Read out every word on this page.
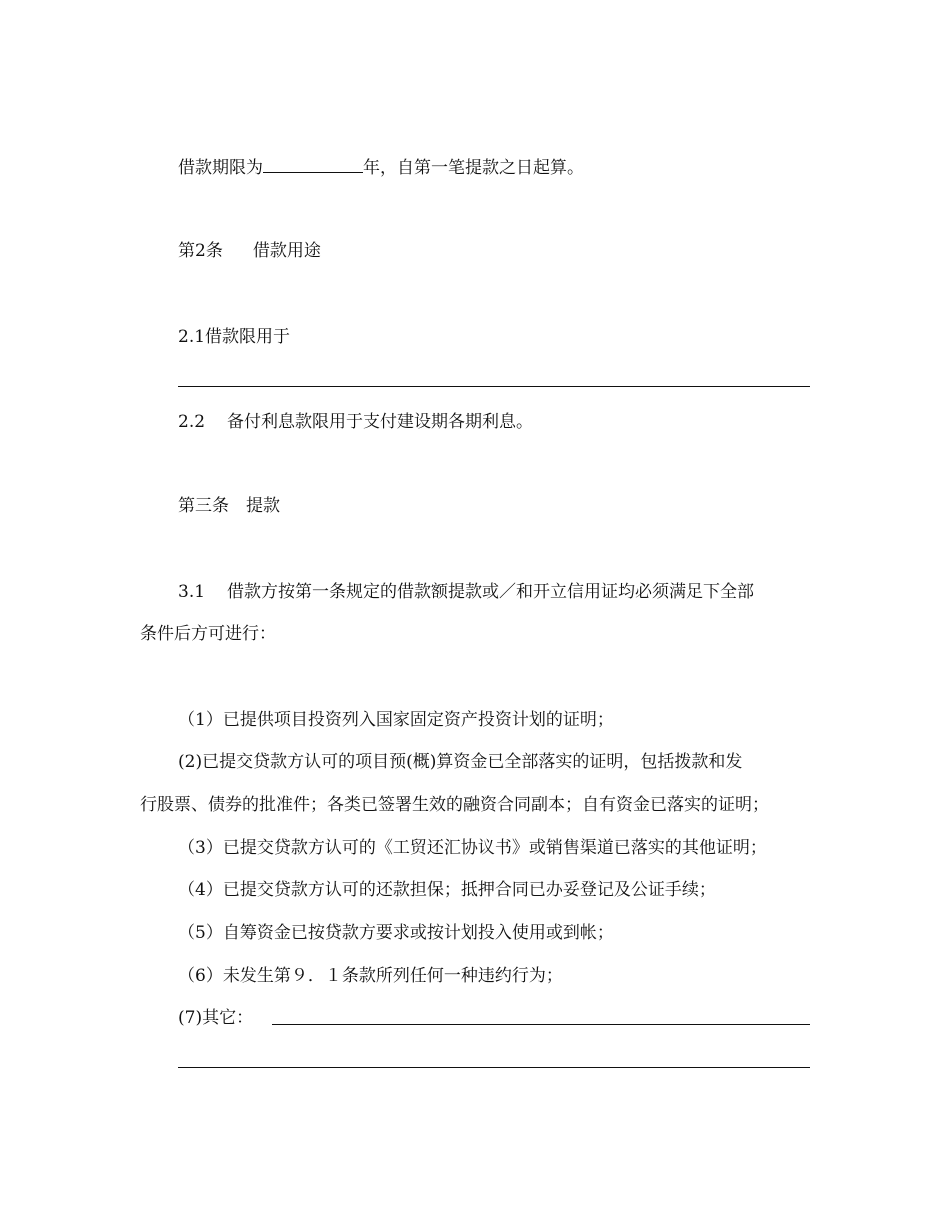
借款期限为	年，自第一笔提款之日起算。
第2条 借款用途
2.1借款限用于
2.2 备付利息款限用于支付建设期各期利息。
第三条 提款
3.1 借款方按第一条规定的借款额提款或／和开立信用证均必须满足下全部
条件后方可进行：
（1）已提供项目投资列入国家固定资产投资计划的证明；
(2)已提交贷款方认可的项目预(概)算资金已全部落实的证明，包括拨款和发
行股票、债券的批准件；各类已签署生效的融资合同副本；自有资金已落实的证明；
（3）已提交贷款方认可的《工贸还汇协议书》或销售渠道已落实的其他证明；
（4）已提交贷款方认可的还款担保；抵押合同已办妥登记及公证手续；
（5）自筹资金已按贷款方要求或按计划投入使用或到帐；
（6）未发生第９．１条款所列任何一种违约行为；
(7)其它：
